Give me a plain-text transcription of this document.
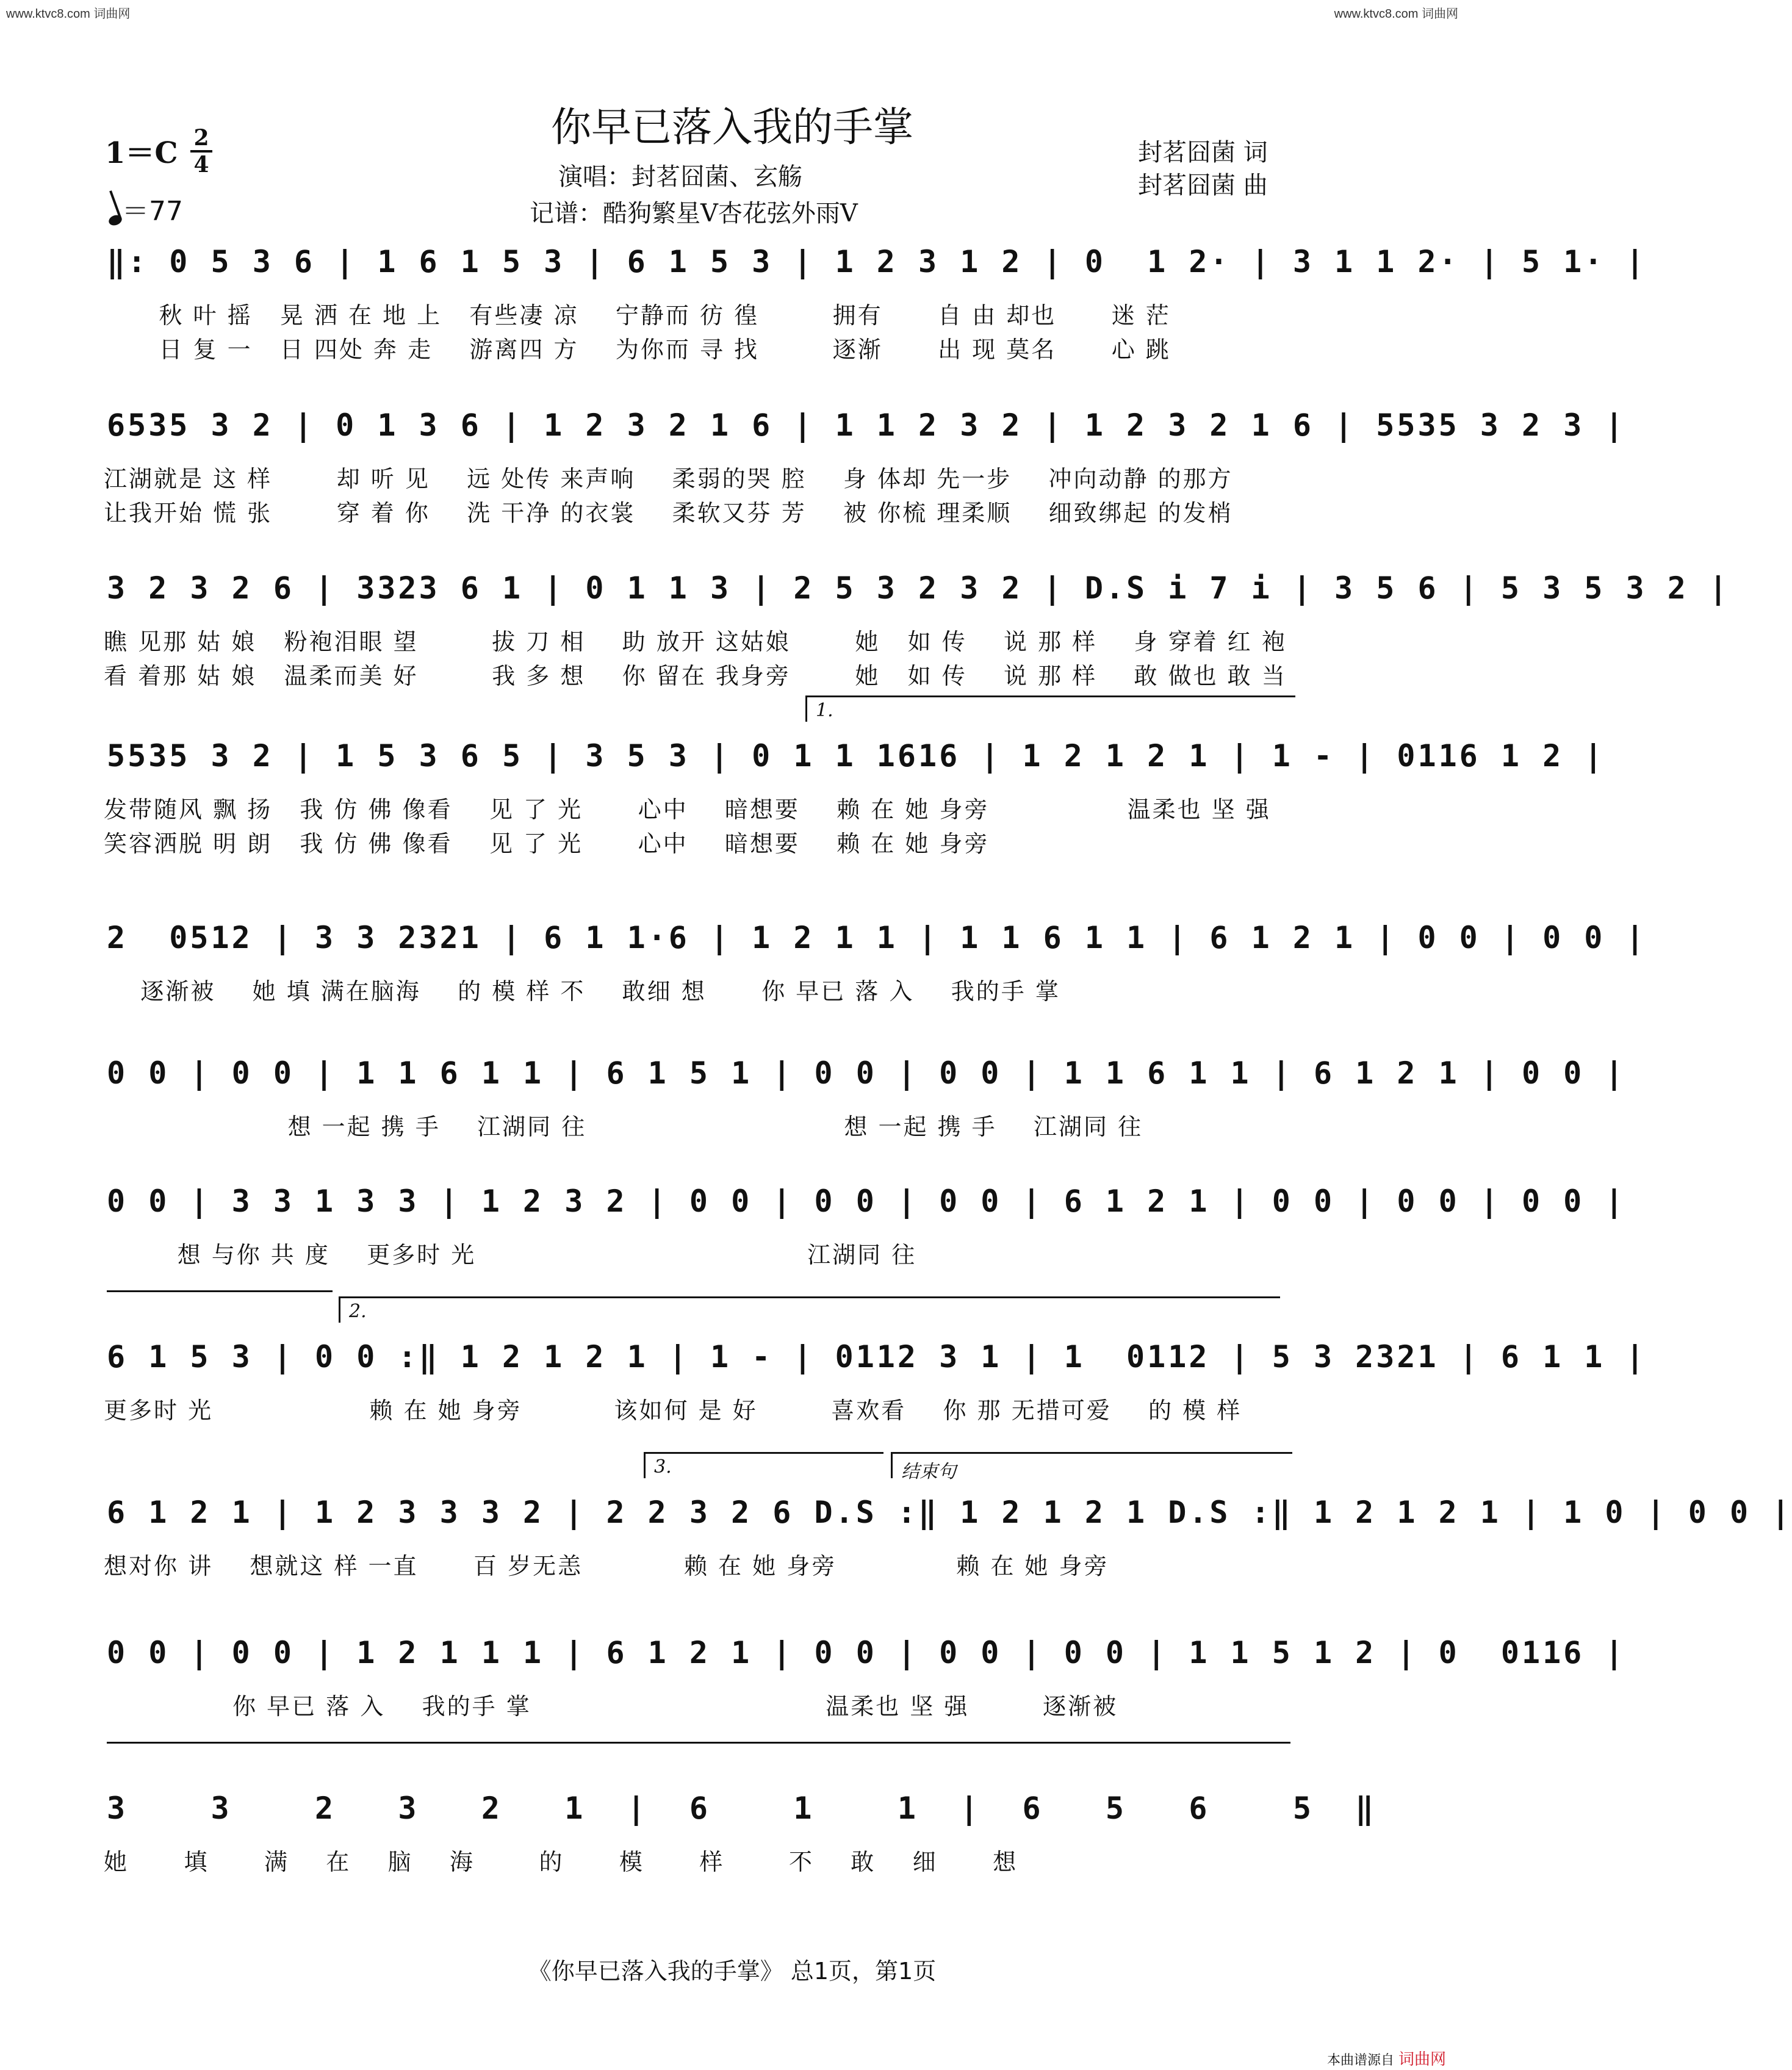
www.ktvc8.com 词曲网	www.ktvc8.com 词曲网
你早已落入我的手掌
演唱：封茗囧菌、玄觞
记谱：酷狗繁星V杏花弦外雨V
封茗囧菌 词
封茗囧菌 曲
1＝C 2
4
＝77
‖: 0 5 3 6 | 1 6 1 5 3 | 6 1 5 3 | 1 2 3 1 2 | 0  1 2· | 3 1 1 2· | 5 1· |
秋 叶 摇   晃 洒 在 地 上   有些凄 凉    宁静而 彷 徨        拥有      自 由 却也      迷 茫
日 复 一   日 四处 奔 走    游离四 方    为你而 寻 找        逐渐      出 现 莫名      心 跳
6535 3 2 | 0 1 3 6 | 1 2 3 2 1 6 | 1 1 2 3 2 | 1 2 3 2 1 6 | 5535 3 2 3 |
江湖就是 这 样       却 听 见    远 处传 来声响    柔弱的哭 腔    身 体却 先一步    冲向动静 的那方
让我开始 慌 张       穿 着 你    洗 干净 的衣裳    柔软又芬 芳    被 你梳 理柔顺    细致绑起 的发梢
3 2 3 2 6 | 3323 6 1 | 0 1 1 3 | 2 5 3 2 3 2 | D.S i 7 i | 3 5 6 | 5 3 5 3 2 |
瞧 见那 姑 娘   粉袍泪眼 望        拔 刀 相    助 放开 这姑娘       她   如 传    说 那 样    身 穿着 红 袍
看 着那 姑 娘   温柔而美 好        我 多 想    你 留在 我身旁       她   如 传    说 那 样    敢 做也 敢 当
5535 3 2 | 1 5 3 6 5 | 3 5 3 | 0 1 1 1616 | 1 2 1 2 1 | 1 - | 0116 1 2 |
发带随风 飘 扬   我 仿 佛 像看    见 了 光      心中    暗想要    赖 在 她 身旁               温柔也 坚 强
笑容洒脱 明 朗   我 仿 佛 像看    见 了 光      心中    暗想要    赖 在 她 身旁
1.
2  0512 | 3 3 2321 | 6 1 1·6 | 1 2 1 1 | 1 1 6 1 1 | 6 1 2 1 | 0 0 | 0 0 |
逐渐被    她 填 满在脑海    的 模 样 不    敢细 想      你 早已 落 入    我的手 掌
0 0 | 0 0 | 1 1 6 1 1 | 6 1 5 1 | 0 0 | 0 0 | 1 1 6 1 1 | 6 1 2 1 | 0 0 |
想 一起 携 手    江湖同 往                            想 一起 携 手    江湖同 往
0 0 | 3 3 1 3 3 | 1 2 3 2 | 0 0 | 0 0 | 0 0 | 6 1 2 1 | 0 0 | 0 0 | 0 0 |
想 与你 共 度    更多时 光                                    江湖同 往
6 1 5 3 | 0 0 :‖ 1 2 1 2 1 | 1 - | 0112 3 1 | 1  0112 | 5 3 2321 | 6 1 1 |
更多时 光                 赖 在 她 身旁          该如何 是 好        喜欢看    你 那 无措可爱    的 模 样
2.
6 1 2 1 | 1 2 3 3 3 2 | 2 2 3 2 6 D.S :‖ 1 2 1 2 1 D.S :‖ 1 2 1 2 1 | 1 0 | 0 0 |
想对你 讲    想就这 样 一直      百 岁无恙           赖 在 她 身旁             赖 在 她 身旁
3.	结束句
0 0 | 0 0 | 1 2 1 1 1 | 6 1 2 1 | 0 0 | 0 0 | 0 0 | 1 1 5 1 2 | 0  0116 |
你 早已 落 入    我的手 掌                                温柔也 坚 强        逐渐被
3    3    2   3   2   1  |  6    1    1  |  6   5   6    5  ‖
她      填      满    在    脑    海       的      模      样       不    敢    细      想
《你早已落入我的手掌》 总1页，第1页
本曲谱源自 词曲网
